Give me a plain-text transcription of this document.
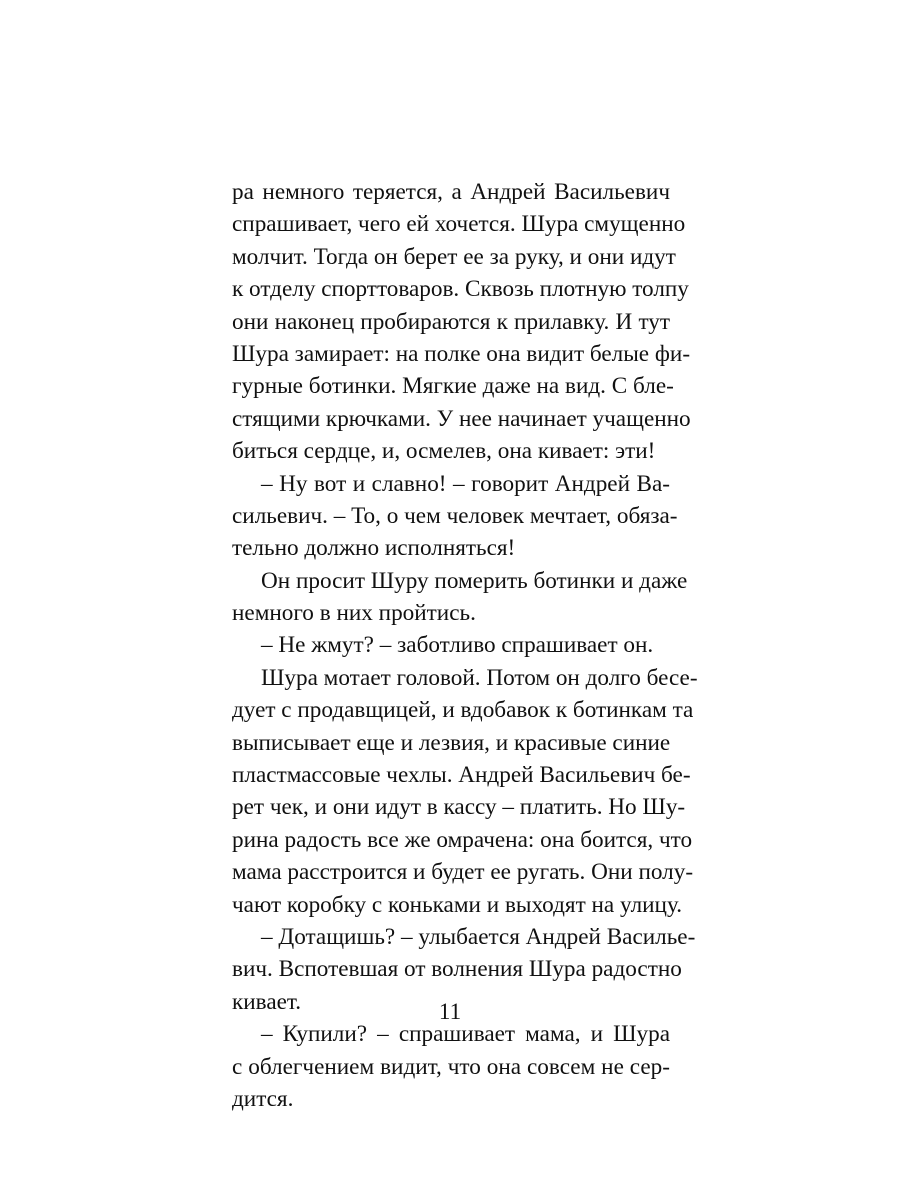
ра немного теряется, а Андрей Васильевич
спрашивает, чего ей хочется. Шура смущенно
молчит. Тогда он берет ее за руку, и они идут
к отделу спорттоваров. Сквозь плотную толпу
они наконец пробираются к прилавку. И тут
Шура замирает: на полке она видит белые фи-
гурные ботинки. Мягкие даже на вид. С бле-
стящими крючками. У нее начинает учащенно
биться сердце, и, осмелев, она кивает: эти!
– Ну вот и славно! – говорит Андрей Ва-
сильевич. – То, о чем человек мечтает, обяза-
тельно должно исполняться!
Он просит Шуру померить ботинки и даже
немного в них пройтись.
– Не жмут? – заботливо спрашивает он.
Шура мотает головой. Потом он долго бесе-
дует с продавщицей, и вдобавок к ботинкам та
выписывает еще и лезвия, и красивые синие
пластмассовые чехлы. Андрей Васильевич бе-
рет чек, и они идут в кассу – платить. Но Шу-
рина радость все же омрачена: она боится, что
мама расстроится и будет ее ругать. Они полу-
чают коробку с коньками и выходят на улицу.
– Дотащишь? – улыбается Андрей Василье-
вич. Вспотевшая от волнения Шура радостно
кивает.
– Купили? – спрашивает мама, и Шура
с облегчением видит, что она совсем не сер-
дится.
11
